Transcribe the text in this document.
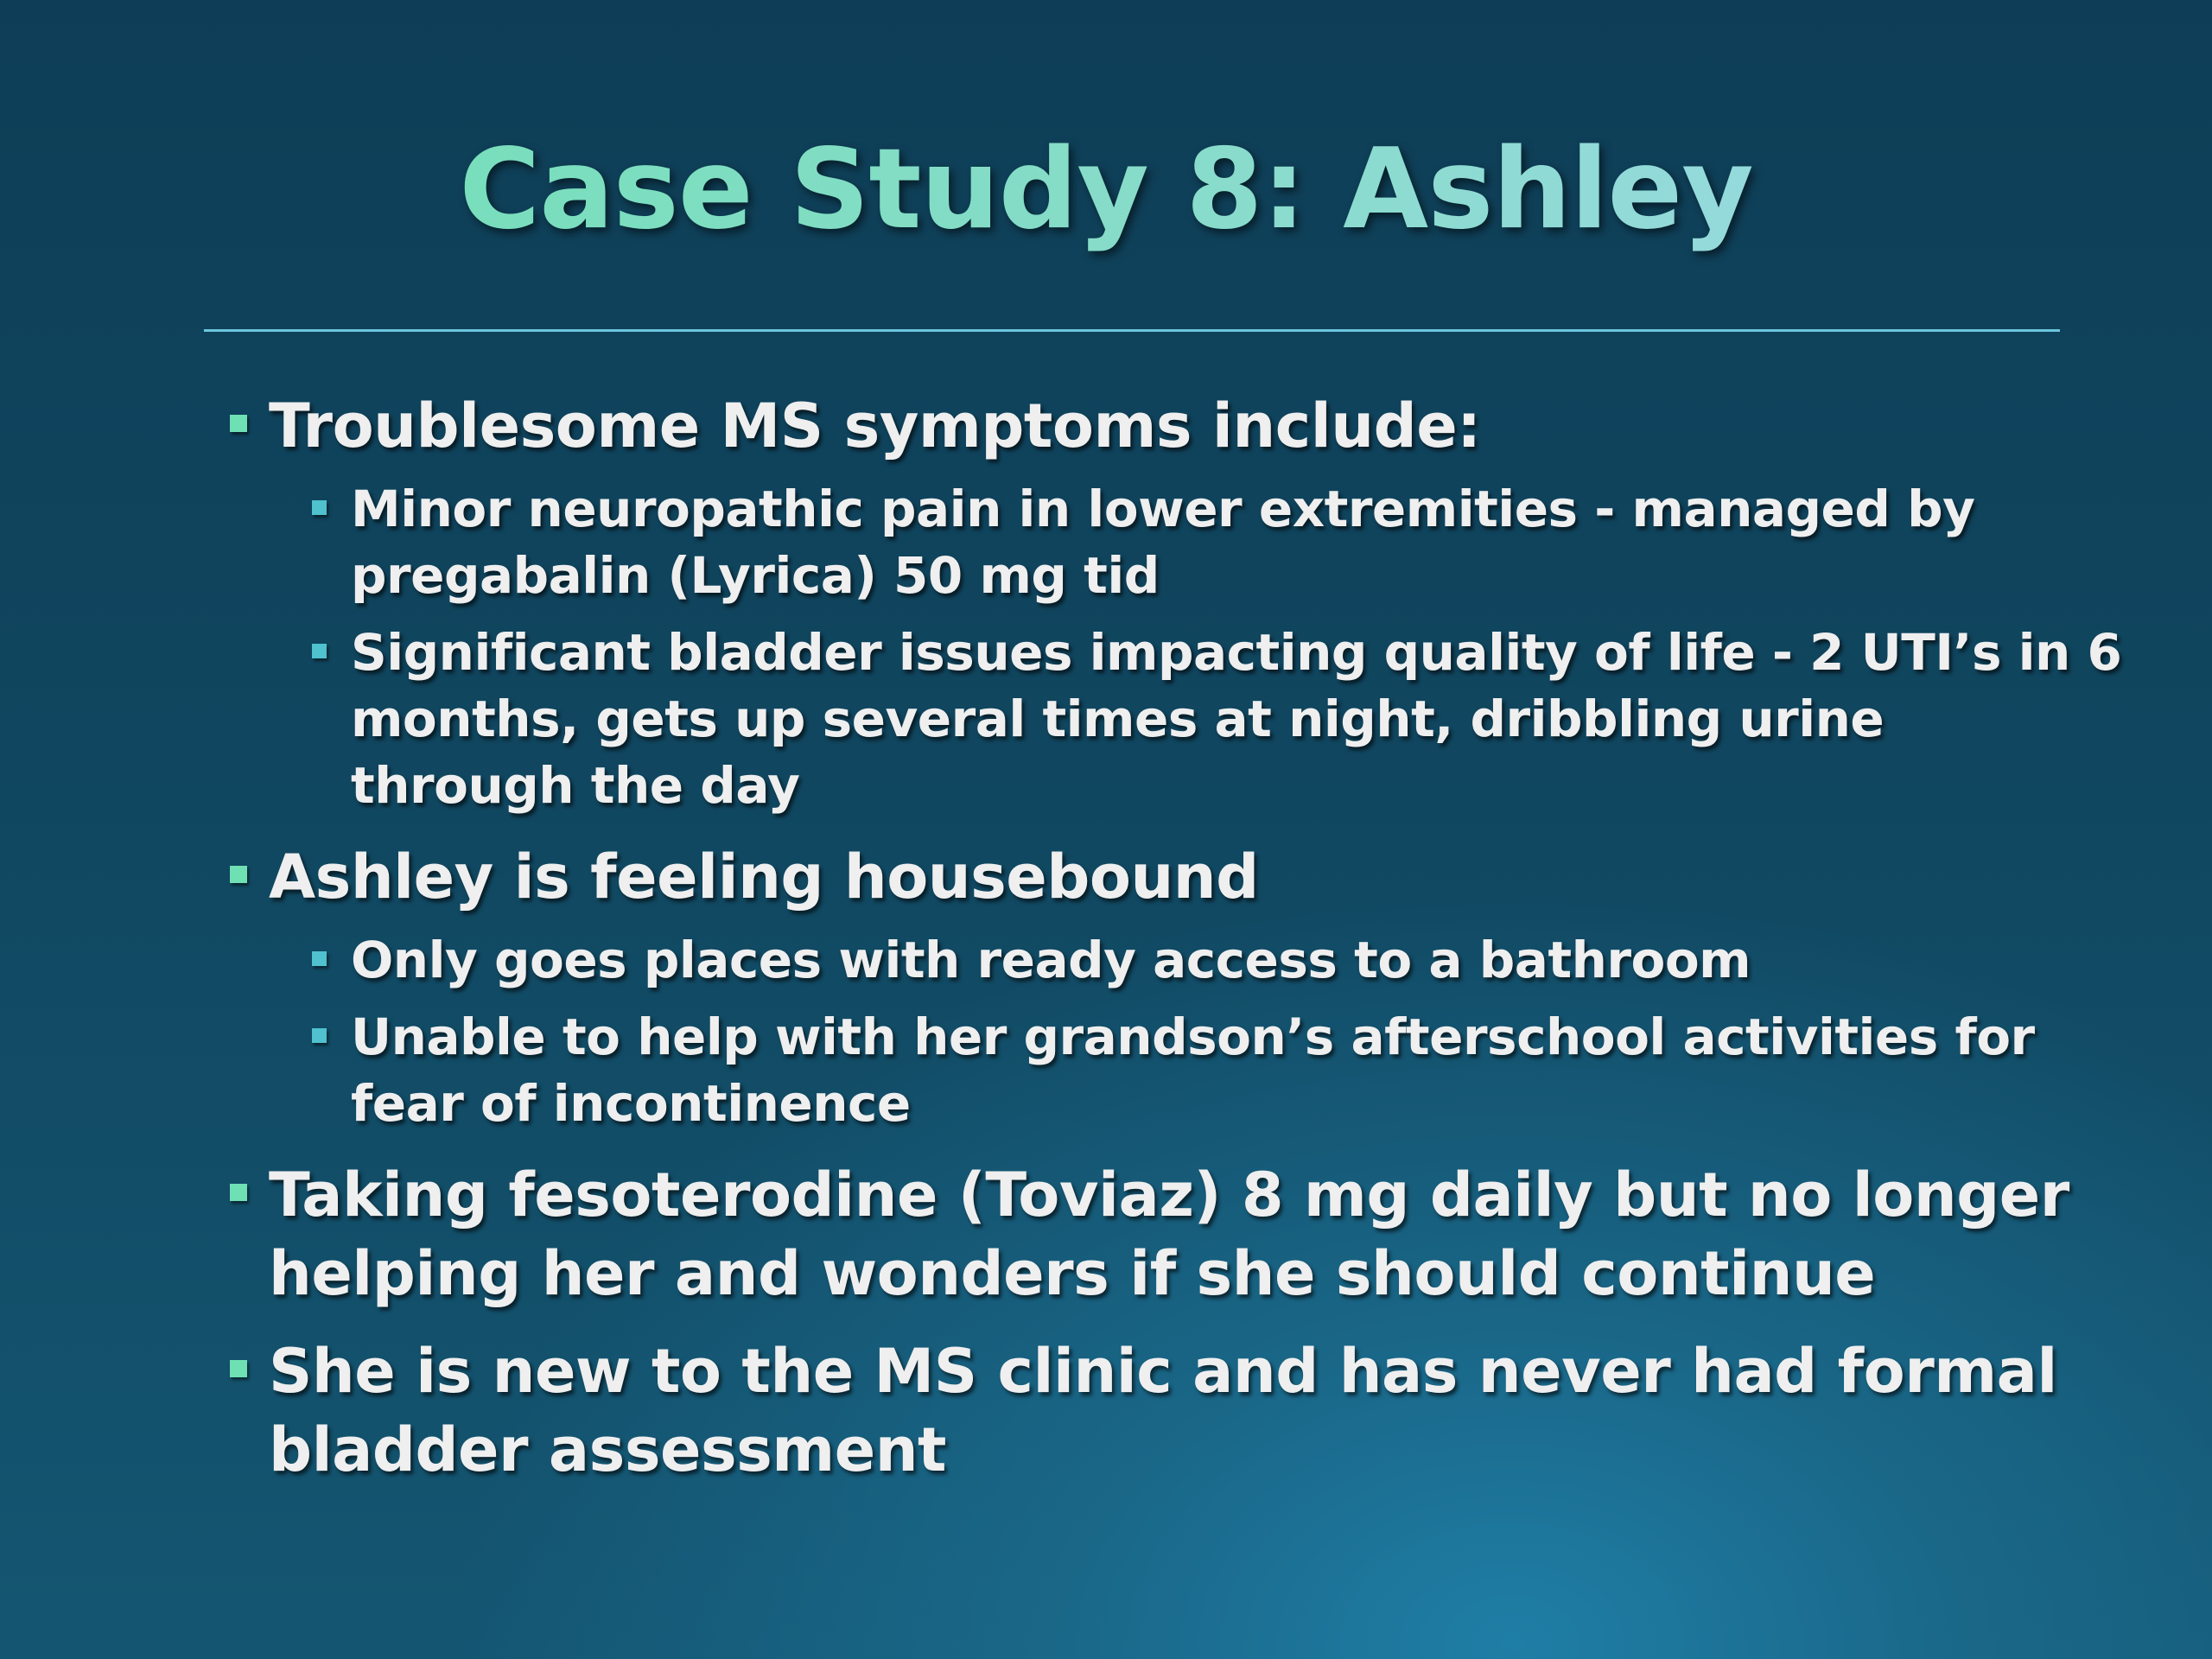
Case Study 8: Ashley
Troublesome MS symptoms include:
Minor neuropathic pain in lower extremities - managed by pregabalin (Lyrica) 50 mg tid
Significant bladder issues impacting quality of life - 2 UTI’s in 6 months, gets up several times at night, dribbling urine through the day
Ashley is feeling housebound
Only goes places with ready access to a bathroom
Unable to help with her grandson’s afterschool activities for fear of incontinence
Taking fesoterodine (Toviaz) 8 mg daily but no longer helping her and wonders if she should continue
She is new to the MS clinic and has never had formal bladder assessment
